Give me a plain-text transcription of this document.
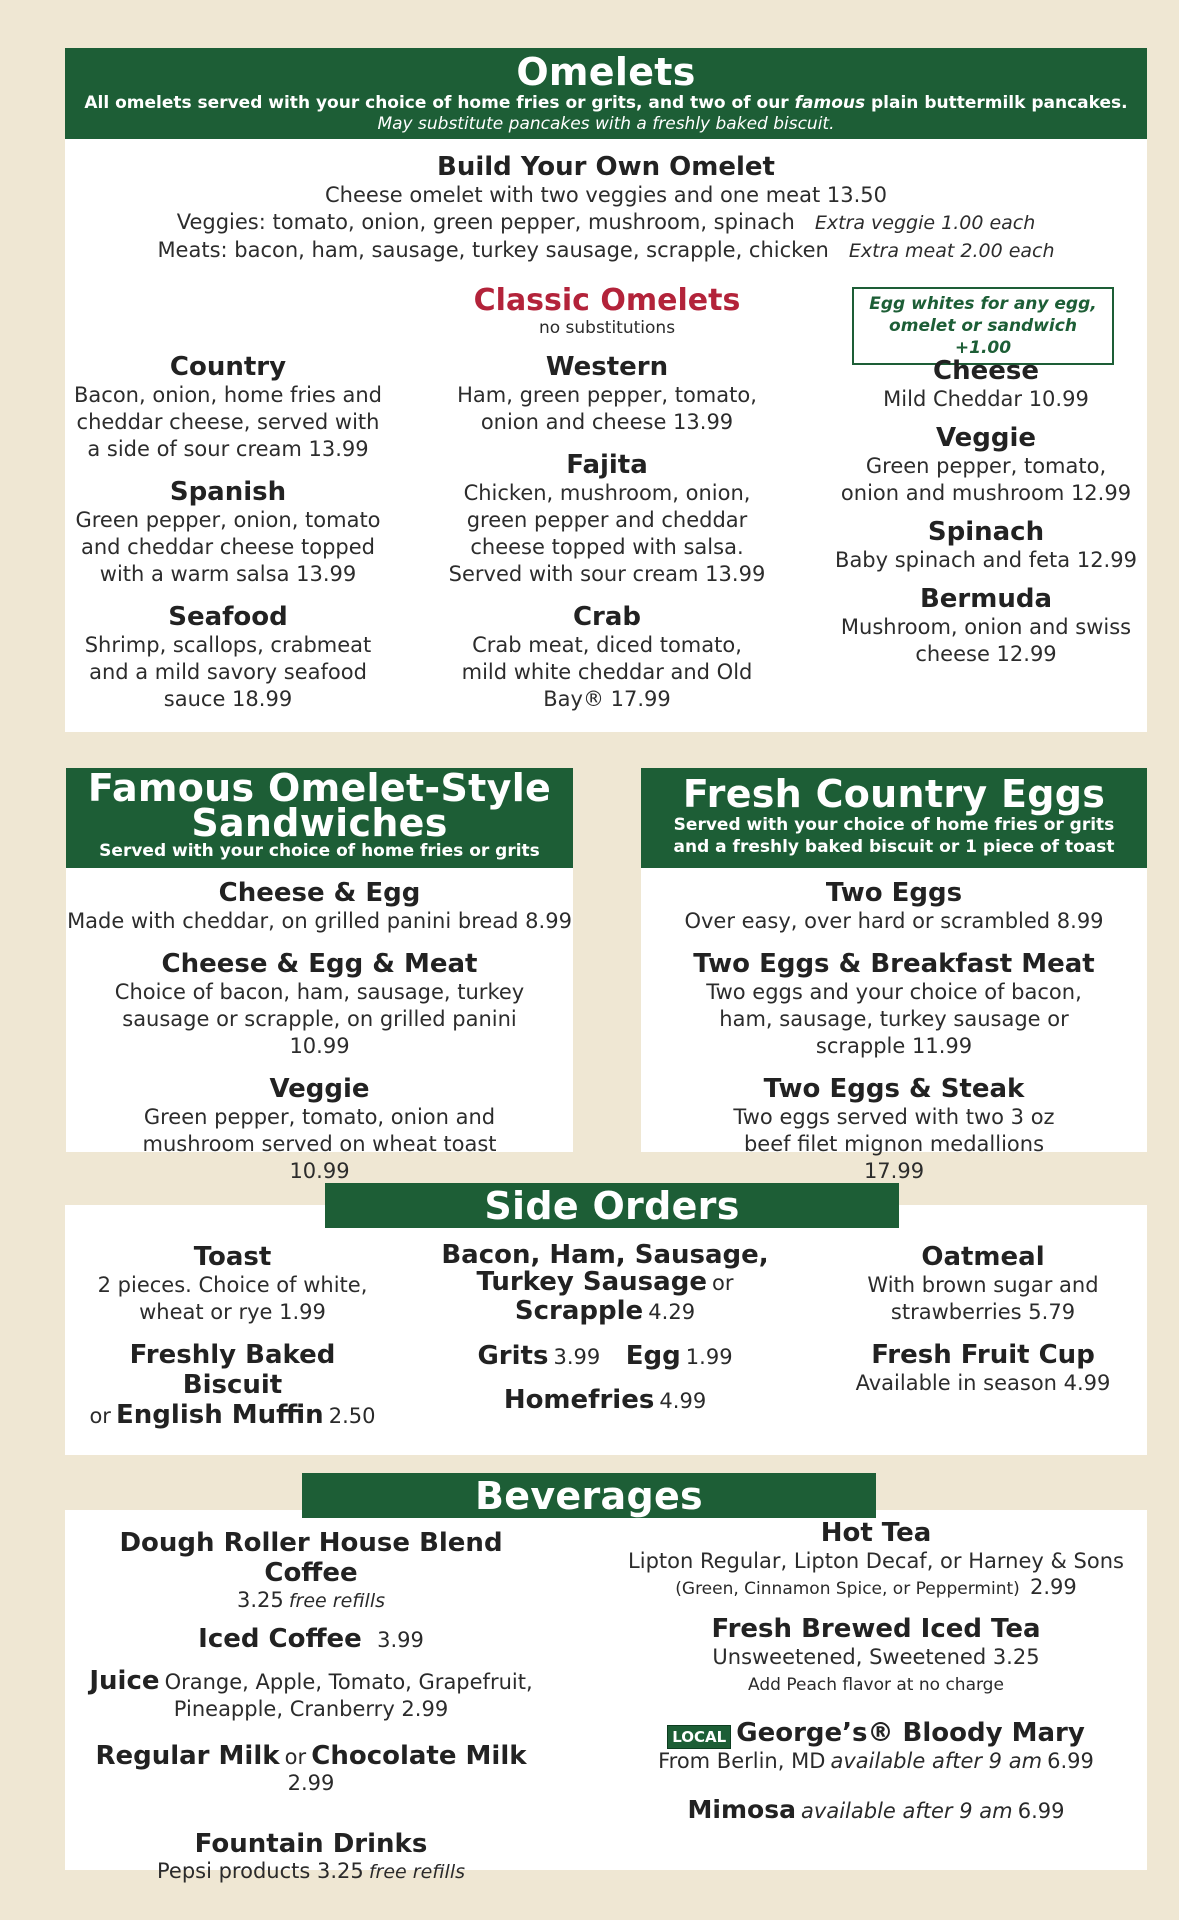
Omelets
All omelets served with your choice of home fries or grits, and two of our famous plain buttermilk pancakes.
May substitute pancakes with a freshly baked biscuit.
Build Your Own Omelet
Cheese omelet with two veggies and one meat 13.50
Veggies: tomato, onion, green pepper, mushroom, spinach Extra veggie 1.00 each
Meats: bacon, ham, sausage, turkey sausage, scrapple, chicken Extra meat 2.00 each
Classic Omelets
no substitutions
Egg whites for any egg,
omelet or sandwich +1.00
Country
Bacon, onion, home fries and cheddar cheese, served with a side of sour cream 13.99
Spanish
Green pepper, onion, tomato and cheddar cheese topped with a warm salsa 13.99
Seafood
Shrimp, scallops, crabmeat and a mild savory seafood sauce 18.99
Western
Ham, green pepper, tomato, onion and cheese 13.99
Fajita
Chicken, mushroom, onion, green pepper and cheddar cheese topped with salsa. Served with sour cream 13.99
Crab
Crab meat, diced tomato, mild white cheddar and Old Bay® 17.99
Cheese
Mild Cheddar 10.99
Veggie
Green pepper, tomato, onion and mushroom 12.99
Spinach
Baby spinach and feta 12.99
Bermuda
Mushroom, onion and swiss cheese 12.99
Famous Omelet-Style
Sandwiches
Served with your choice of home fries or grits
Cheese & Egg
Made with cheddar, on grilled panini bread 8.99
Cheese & Egg & Meat
Choice of bacon, ham, sausage, turkey sausage or scrapple, on grilled panini 10.99
Veggie
Green pepper, tomato, onion and mushroom served on wheat toast 10.99
Fresh Country Eggs
Served with your choice of home fries or grits
and a freshly baked biscuit or 1 piece of toast
Two Eggs
Over easy, over hard or scrambled 8.99
Two Eggs & Breakfast Meat
Two eggs and your choice of bacon, ham, sausage, turkey sausage or scrapple 11.99
Two Eggs & Steak
Two eggs served with two 3 oz beef filet mignon medallions 17.99
Side Orders
Toast
2 pieces. Choice of white, wheat or rye 1.99
Freshly Baked Biscuit
or English Muffin 2.50
Bacon, Ham, Sausage,
Turkey Sausage or
Scrapple 4.29
Grits 3.99 Egg 1.99
Homefries 4.99
Oatmeal
With brown sugar and strawberries 5.79
Fresh Fruit Cup
Available in season 4.99
Beverages
Dough Roller House Blend Coffee
3.25 free refills
Iced Coffee 3.99
Juice Orange, Apple, Tomato, Grapefruit,
Pineapple, Cranberry 2.99
Regular Milk or Chocolate Milk 2.99
Fountain Drinks
Pepsi products 3.25 free refills
Hot Tea
Lipton Regular, Lipton Decaf, or Harney & Sons
(Green, Cinnamon Spice, or Peppermint) 2.99
Fresh Brewed Iced Tea
Unsweetened, Sweetened 3.25
Add Peach flavor at no charge
LOCAL George’s® Bloody Mary
From Berlin, MD available after 9 am 6.99
Mimosa available after 9 am 6.99
